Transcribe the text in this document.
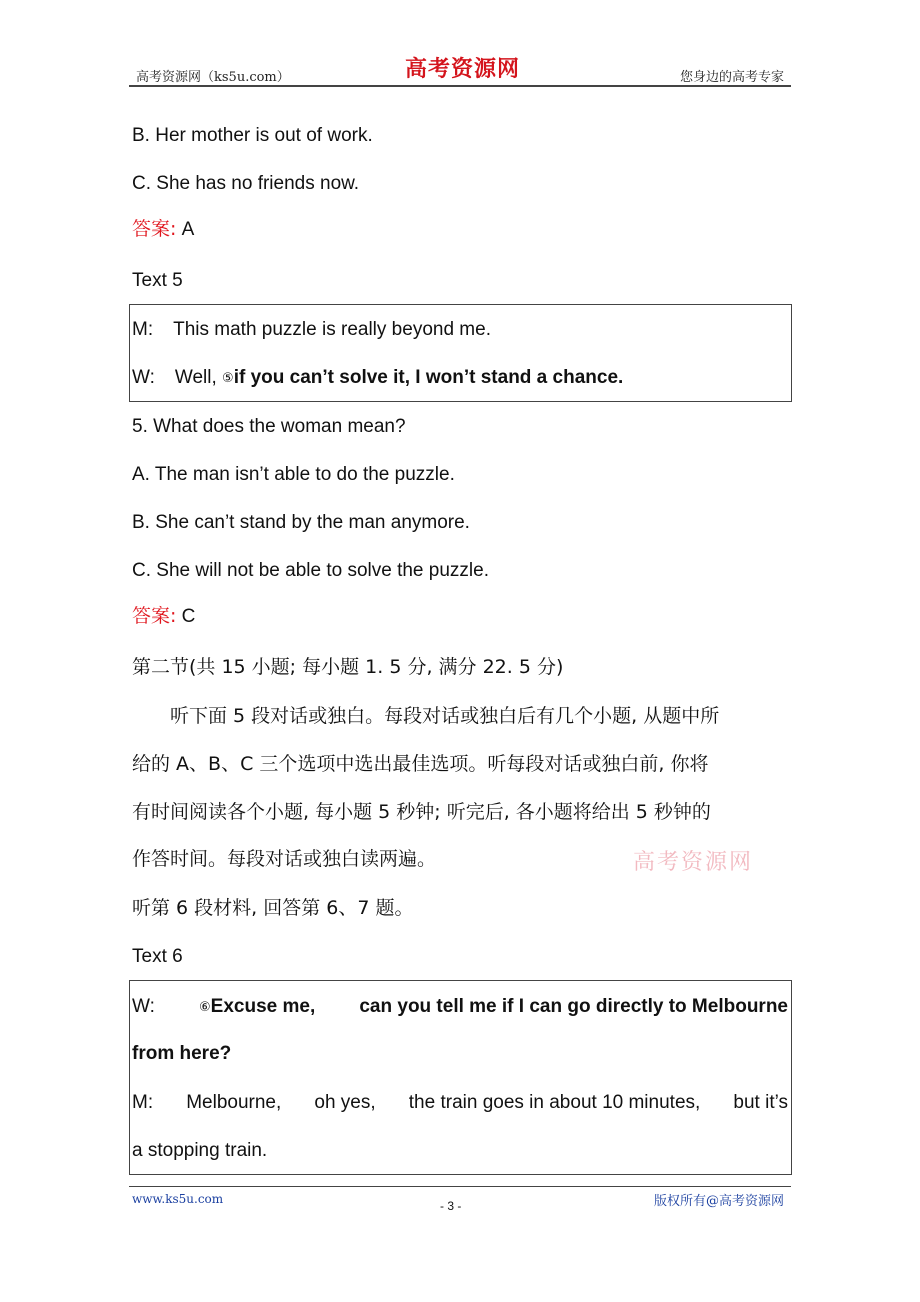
高考资源网（ks5u.com）	高考资源网	您身边的高考专家
B. Her mother is out of work.
C. She has no friends now.
答案: A
Text 5
M: This math puzzle is really beyond me.
W: Well, ⑤if you can’t solve it, I won’t stand a chance.
5. What does the woman mean?
A. The man isn’t able to do the puzzle.
B. She can’t stand by the man anymore.
C. She will not be able to solve the puzzle.
答案: C
第二节(共 15 小题; 每小题 1. 5 分, 满分 22. 5 分)
听下面 5 段对话或独白。每段对话或独白后有几个小题, 从题中所
给的 A、B、C 三个选项中选出最佳选项。听每段对话或独白前, 你将
有时间阅读各个小题, 每小题 5 秒钟; 听完后, 各小题将给出 5 秒钟的
作答时间。每段对话或独白读两遍。	高考资源网
听第 6 段材料, 回答第 6、7 题。
Text 6
W:	⑥Excuse me, can you tell me if I can go directly to Melbourne
from here?
M: Melbourne, oh yes, the train goes in about 10 minutes, but it’s
a stopping train.
www.ks5u.com	- 3 -	版权所有@高考资源网
